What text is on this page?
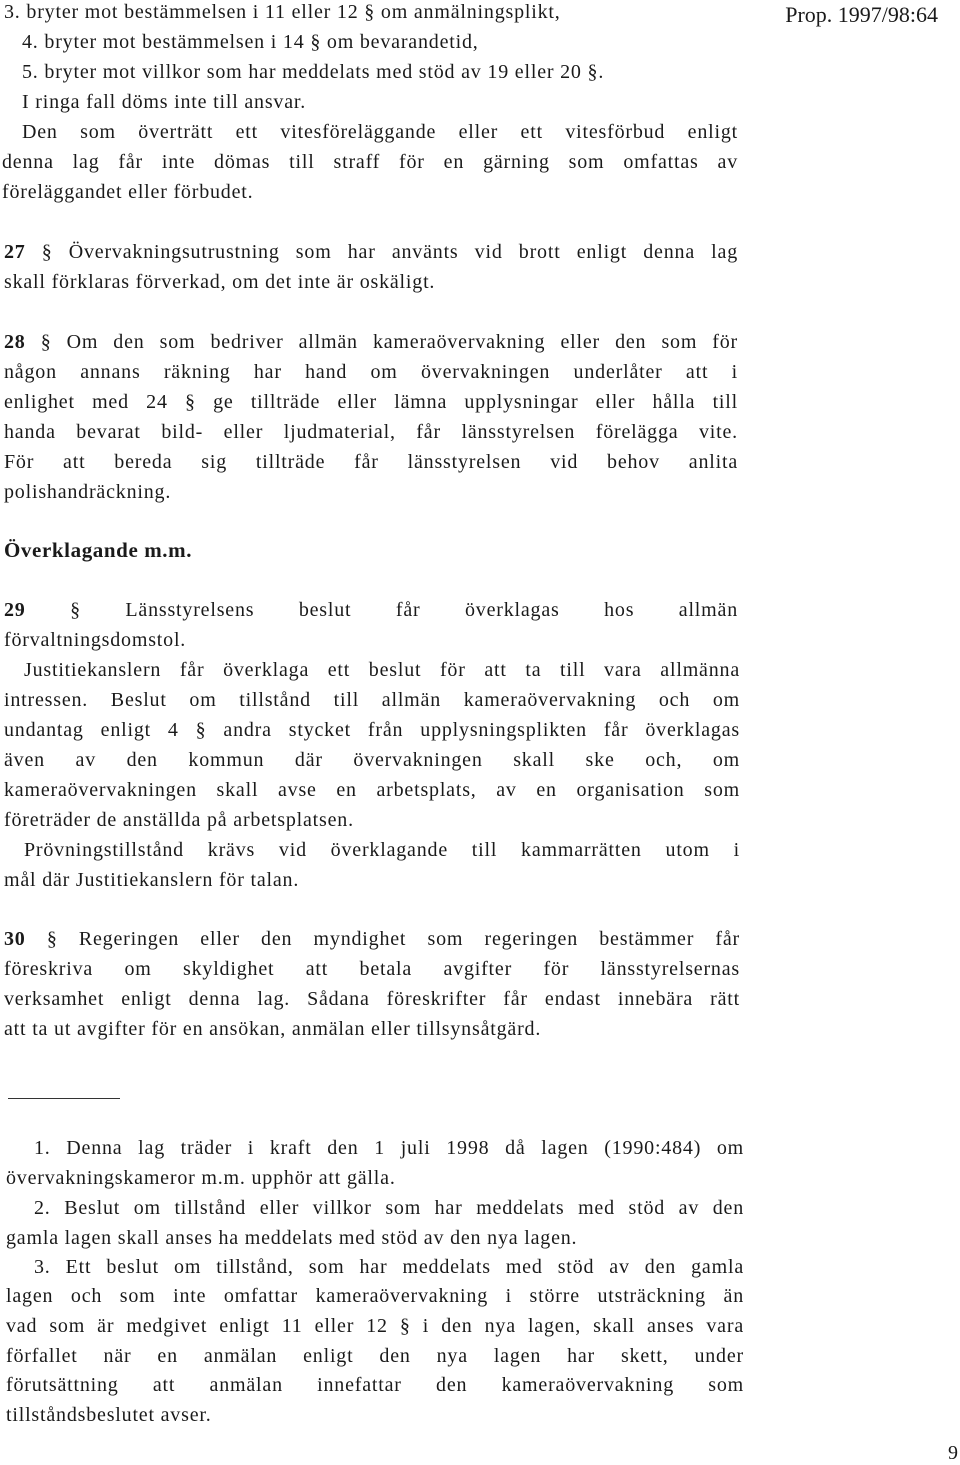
Prop. 1997/98:64
3. bryter mot bestämmelsen i 11 eller 12 § om anmälningsplikt,
4. bryter mot bestämmelsen i 14 § om bevarandetid,
5. bryter mot villkor som har meddelats med stöd av 19 eller 20 §.
I ringa fall döms inte till ansvar.
Den som överträtt ett vitesföreläggande eller ett vitesförbud enligt
denna lag får inte dömas till straff för en gärning som omfattas av
föreläggandet eller förbudet.
27 § Övervakningsutrustning som har använts vid brott enligt denna lag
skall förklaras förverkad, om det inte är oskäligt.
28 § Om den som bedriver allmän kameraövervakning eller den som för
någon annans räkning har hand om övervakningen underlåter att i
enlighet med 24 § ge tillträde eller lämna upplysningar eller hålla till
handa bevarat bild- eller ljudmaterial, får länsstyrelsen förelägga vite.
För att bereda sig tillträde får länsstyrelsen vid behov anlita
polishandräckning.
Överklagande m.m.
29 § Länsstyrelsens beslut får överklagas hos allmän
förvaltningsdomstol.
Justitiekanslern får överklaga ett beslut för att ta till vara allmänna
intressen. Beslut om tillstånd till allmän kameraövervakning och om
undantag enligt 4 § andra stycket från upplysningsplikten får överklagas
även av den kommun där övervakningen skall ske och, om
kameraövervakningen skall avse en arbetsplats, av en organisation som
företräder de anställda på arbetsplatsen.
Prövningstillstånd krävs vid överklagande till kammarrätten utom i
mål där Justitiekanslern för talan.
30 § Regeringen eller den myndighet som regeringen bestämmer får
föreskriva om skyldighet att betala avgifter för länsstyrelsernas
verksamhet enligt denna lag. Sådana föreskrifter får endast innebära rätt
att ta ut avgifter för en ansökan, anmälan eller tillsynsåtgärd.
1. Denna lag träder i kraft den 1 juli 1998 då lagen (1990:484) om
övervakningskameror m.m. upphör att gälla.
2. Beslut om tillstånd eller villkor som har meddelats med stöd av den
gamla lagen skall anses ha meddelats med stöd av den nya lagen.
3. Ett beslut om tillstånd, som har meddelats med stöd av den gamla
lagen och som inte omfattar kameraövervakning i större utsträckning än
vad som är medgivet enligt 11 eller 12 § i den nya lagen, skall anses vara
förfallet när en anmälan enligt den nya lagen har skett, under
förutsättning att anmälan innefattar den kameraövervakning som
tillståndsbeslutet avser.
9
